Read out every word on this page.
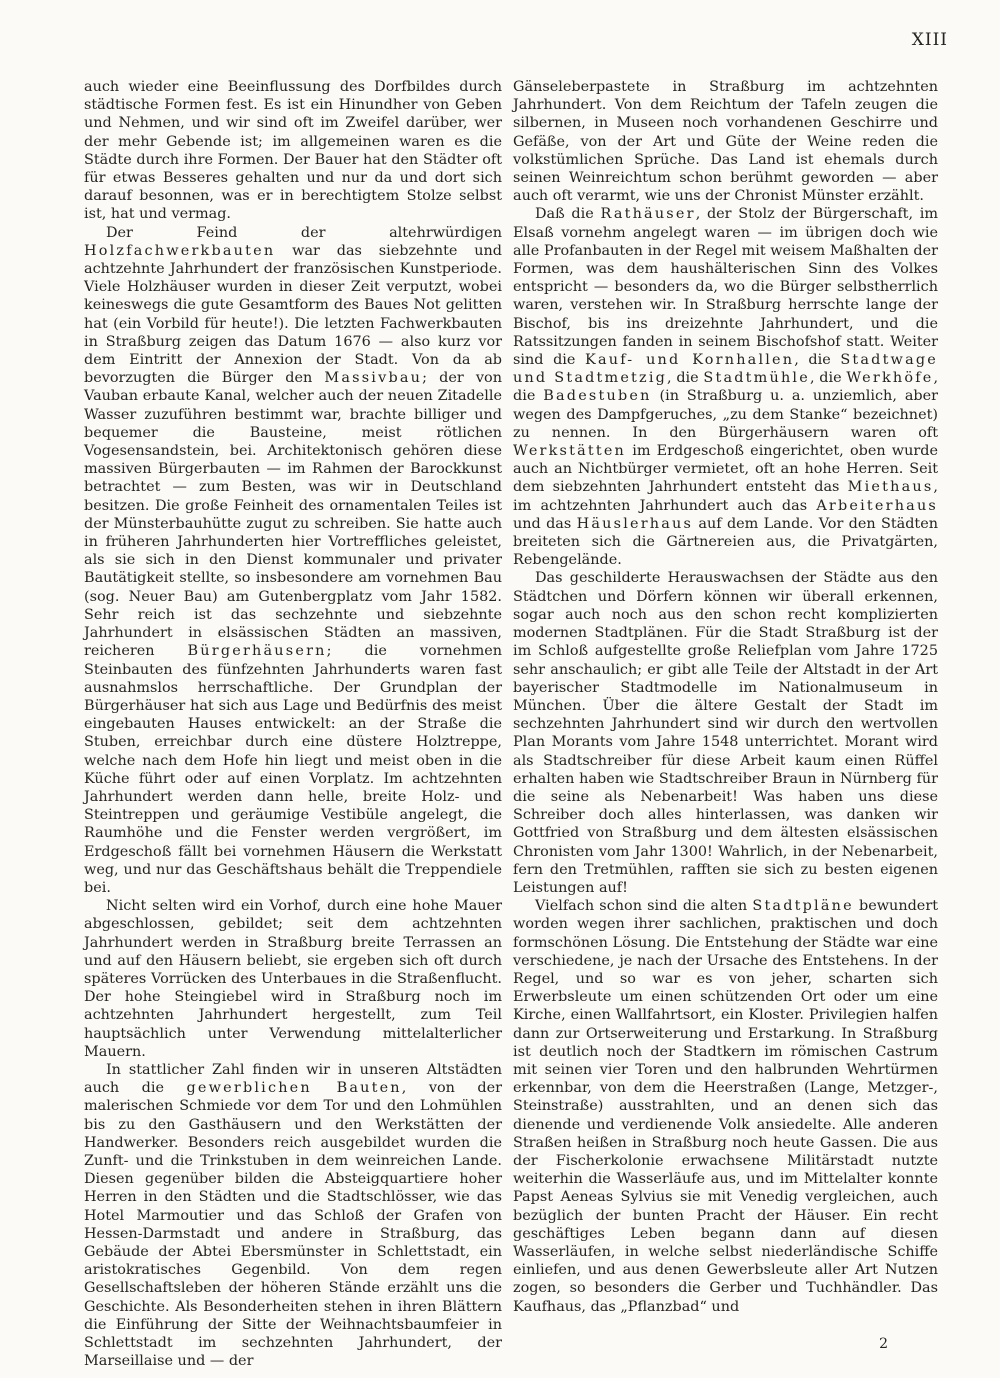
XIII

auch wieder eine Beeinflussung des Dorfbildes durch städtische Formen fest. Es ist ein Hinundher von Geben und Nehmen, und wir sind oft im Zweifel darüber, wer der mehr Gebende ist; im allgemeinen waren es die Städte durch ihre Formen. Der Bauer hat den Städter oft für etwas Besseres gehalten und nur da und dort sich darauf besonnen, was er in berechtigtem Stolze selbst ist, hat und vermag.

Der Feind der altehrwürdigen Holzfachwerkbauten war das siebzehnte und achtzehnte Jahrhundert der französischen Kunstperiode. Viele Holzhäuser wurden in dieser Zeit verputzt, wobei keineswegs die gute Gesamtform des Baues Not gelitten hat (ein Vorbild für heute!). Die letzten Fachwerkbauten in Straßburg zeigen das Datum 1676 — also kurz vor dem Eintritt der Annexion der Stadt. Von da ab bevorzugten die Bürger den Massivbau; der von Vauban erbaute Kanal, welcher auch der neuen Zitadelle Wasser zuzuführen bestimmt war, brachte billiger und bequemer die Bausteine, meist rötlichen Vogesensandstein, bei. Architektonisch gehören diese massiven Bürgerbauten — im Rahmen der Barockkunst betrachtet — zum Besten, was wir in Deutschland besitzen. Die große Feinheit des ornamentalen Teiles ist der Münsterbauhütte zugut zu schreiben. Sie hatte auch in früheren Jahrhunderten hier Vortreffliches geleistet, als sie sich in den Dienst kommunaler und privater Bautätigkeit stellte, so insbesondere am vornehmen Bau (sog. Neuer Bau) am Gutenbergplatz vom Jahr 1582. Sehr reich ist das sechzehnte und siebzehnte Jahrhundert in elsässischen Städten an massiven, reicheren Bürgerhäusern; die vornehmen Steinbauten des fünfzehnten Jahrhunderts waren fast ausnahmslos herrschaftliche. Der Grundplan der Bürgerhäuser hat sich aus Lage und Bedürfnis des meist eingebauten Hauses entwickelt: an der Straße die Stuben, erreichbar durch eine düstere Holztreppe, welche nach dem Hofe hin liegt und meist oben in die Küche führt oder auf einen Vorplatz. Im achtzehnten Jahrhundert werden dann helle, breite Holz- und Steintreppen und geräumige Vestibüle angelegt, die Raumhöhe und die Fenster werden vergrößert, im Erdgeschoß fällt bei vornehmen Häusern die Werkstatt weg, und nur das Geschäftshaus behält die Treppendiele bei.

Nicht selten wird ein Vorhof, durch eine hohe Mauer abgeschlossen, gebildet; seit dem achtzehnten Jahrhundert werden in Straßburg breite Terrassen an und auf den Häusern beliebt, sie ergeben sich oft durch späteres Vorrücken des Unterbaues in die Straßenflucht. Der hohe Steingiebel wird in Straßburg noch im achtzehnten Jahrhundert hergestellt, zum Teil hauptsächlich unter Verwendung mittelalterlicher Mauern.

In stattlicher Zahl finden wir in unseren Altstädten auch die gewerblichen Bauten, von der malerischen Schmiede vor dem Tor und den Lohmühlen bis zu den Gasthäusern und den Werkstätten der Handwerker. Besonders reich ausgebildet wurden die Zunft- und die Trinkstuben in dem weinreichen Lande. Diesen gegenüber bilden die Absteigquartiere hoher Herren in den Städten und die Stadtschlösser, wie das Hotel Marmoutier und das Schloß der Grafen von Hessen-Darmstadt und andere in Straßburg, das Gebäude der Abtei Ebersmünster in Schlettstadt, ein aristokratisches Gegenbild. Von dem regen Gesellschaftsleben der höheren Stände erzählt uns die Geschichte. Als Besonderheiten stehen in ihren Blättern die Einführung der Sitte der Weihnachtsbaumfeier in Schlettstadt im sechzehnten Jahrhundert, der Marseillaise und — der

Gänseleberpastete in Straßburg im achtzehnten Jahrhundert. Von dem Reichtum der Tafeln zeugen die silbernen, in Museen noch vorhandenen Geschirre und Gefäße, von der Art und Güte der Weine reden die volkstümlichen Sprüche. Das Land ist ehemals durch seinen Weinreichtum schon berühmt geworden — aber auch oft verarmt, wie uns der Chronist Münster erzählt.

Daß die Rathäuser, der Stolz der Bürgerschaft, im Elsaß vornehm angelegt waren — im übrigen doch wie alle Profanbauten in der Regel mit weisem Maßhalten der Formen, was dem haushälterischen Sinn des Volkes entspricht — besonders da, wo die Bürger selbstherrlich waren, verstehen wir. In Straßburg herrschte lange der Bischof, bis ins dreizehnte Jahrhundert, und die Ratssitzungen fanden in seinem Bischofshof statt. Weiter sind die Kauf- und Kornhallen, die Stadtwage und Stadtmetzig, die Stadtmühle, die Werkhöfe, die Badestuben (in Straßburg u. a. unziemlich, aber wegen des Dampfgeruches, „zu dem Stanke“ bezeichnet) zu nennen. In den Bürgerhäusern waren oft Werkstätten im Erdgeschoß eingerichtet, oben wurde auch an Nichtbürger vermietet, oft an hohe Herren. Seit dem siebzehnten Jahrhundert entsteht das Miethaus, im achtzehnten Jahrhundert auch das Arbeiterhaus und das Häuslerhaus auf dem Lande. Vor den Städten breiteten sich die Gärtnereien aus, die Privatgärten, Rebengelände.

Das geschilderte Herauswachsen der Städte aus den Städtchen und Dörfern können wir überall erkennen, sogar auch noch aus den schon recht komplizierten modernen Stadtplänen. Für die Stadt Straßburg ist der im Schloß aufgestellte große Reliefplan vom Jahre 1725 sehr anschaulich; er gibt alle Teile der Altstadt in der Art bayerischer Stadtmodelle im Nationalmuseum in München. Über die ältere Gestalt der Stadt im sechzehnten Jahrhundert sind wir durch den wertvollen Plan Morants vom Jahre 1548 unterrichtet. Morant wird als Stadtschreiber für diese Arbeit kaum einen Rüffel erhalten haben wie Stadtschreiber Braun in Nürnberg für die seine als Nebenarbeit! Was haben uns diese Schreiber doch alles hinterlassen, was danken wir Gottfried von Straßburg und dem ältesten elsässischen Chronisten vom Jahr 1300! Wahrlich, in der Nebenarbeit, fern den Tretmühlen, rafften sie sich zu besten eigenen Leistungen auf!

Vielfach schon sind die alten Stadtpläne bewundert worden wegen ihrer sachlichen, praktischen und doch formschönen Lösung. Die Entstehung der Städte war eine verschiedene, je nach der Ursache des Entstehens. In der Regel, und so war es von jeher, scharten sich Erwerbsleute um einen schützenden Ort oder um eine Kirche, einen Wallfahrtsort, ein Kloster. Privilegien halfen dann zur Ortserweiterung und Erstarkung. In Straßburg ist deutlich noch der Stadtkern im römischen Castrum mit seinen vier Toren und den halbrunden Wehrtürmen erkennbar, von dem die Heerstraßen (Lange, Metzger-, Steinstraße) ausstrahlten, und an denen sich das dienende und verdienende Volk ansiedelte. Alle anderen Straßen heißen in Straßburg noch heute Gassen. Die aus der Fischerkolonie erwachsene Militärstadt nutzte weiterhin die Wasserläufe aus, und im Mittelalter konnte Papst Aeneas Sylvius sie mit Venedig vergleichen, auch bezüglich der bunten Pracht der Häuser. Ein recht geschäftiges Leben begann dann auf diesen Wasserläufen, in welche selbst niederländische Schiffe einliefen, und aus denen Gewerbsleute aller Art Nutzen zogen, so besonders die Gerber und Tuchhändler. Das Kaufhaus, das „Pflanzbad“ und

2
